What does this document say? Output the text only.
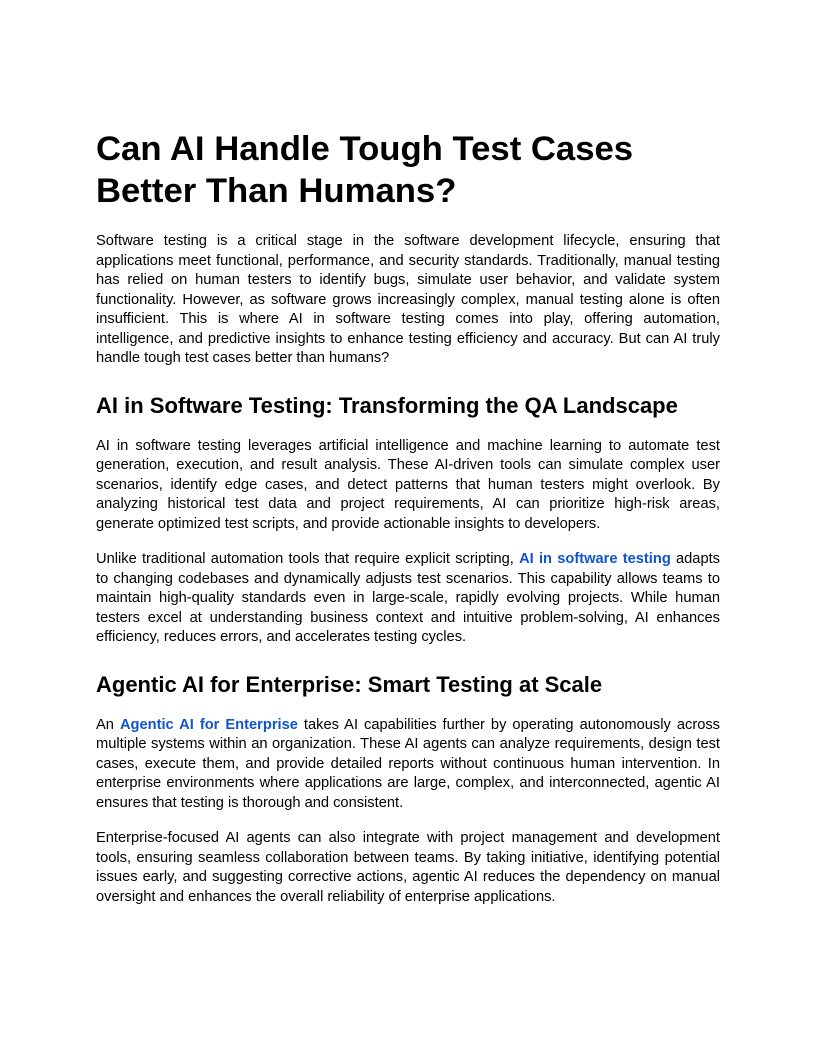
Can AI Handle Tough Test Cases Better Than Humans?

Software testing is a critical stage in the software development lifecycle, ensuring that applications meet functional, performance, and security standards. Traditionally, manual testing has relied on human testers to identify bugs, simulate user behavior, and validate system functionality. However, as software grows increasingly complex, manual testing alone is often insufficient. This is where AI in software testing comes into play, offering automation, intelligence, and predictive insights to enhance testing efficiency and accuracy. But can AI truly handle tough test cases better than humans?

AI in Software Testing: Transforming the QA Landscape

AI in software testing leverages artificial intelligence and machine learning to automate test generation, execution, and result analysis. These AI-driven tools can simulate complex user scenarios, identify edge cases, and detect patterns that human testers might overlook. By analyzing historical test data and project requirements, AI can prioritize high-risk areas, generate optimized test scripts, and provide actionable insights to developers.

Unlike traditional automation tools that require explicit scripting, AI in software testing adapts to changing codebases and dynamically adjusts test scenarios. This capability allows teams to maintain high-quality standards even in large-scale, rapidly evolving projects. While human testers excel at understanding business context and intuitive problem-solving, AI enhances efficiency, reduces errors, and accelerates testing cycles.

Agentic AI for Enterprise: Smart Testing at Scale

An Agentic AI for Enterprise takes AI capabilities further by operating autonomously across multiple systems within an organization. These AI agents can analyze requirements, design test cases, execute them, and provide detailed reports without continuous human intervention. In enterprise environments where applications are large, complex, and interconnected, agentic AI ensures that testing is thorough and consistent.

Enterprise-focused AI agents can also integrate with project management and development tools, ensuring seamless collaboration between teams. By taking initiative, identifying potential issues early, and suggesting corrective actions, agentic AI reduces the dependency on manual oversight and enhances the overall reliability of enterprise applications.
